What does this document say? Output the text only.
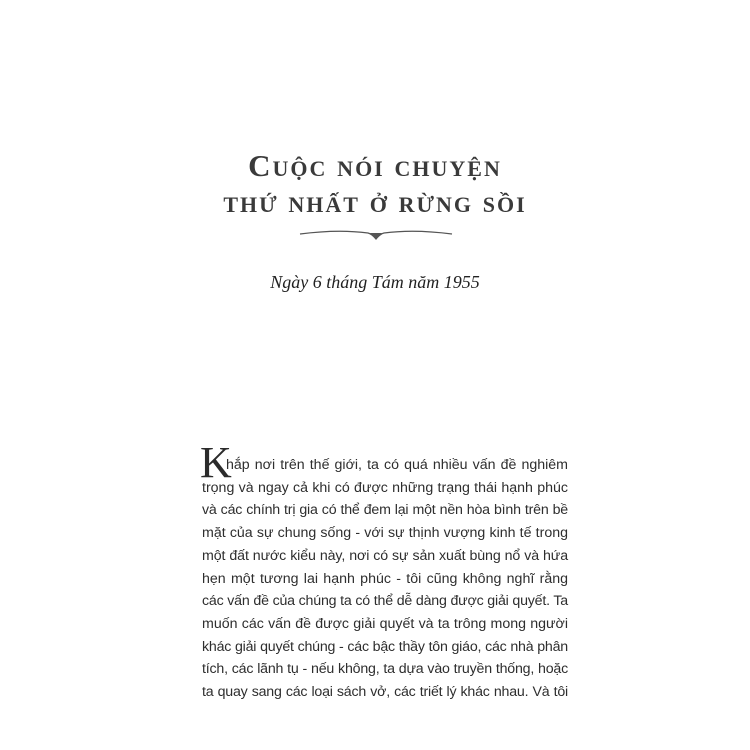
Cuộc nói chuyện
thứ nhất ở rừng sồi
Ngày 6 tháng Tám năm 1955
K
hắp nơi trên thế giới, ta có quá nhiều vấn đề nghiêm
trọng và ngay cả khi có được những trạng thái hạnh phúc
và các chính trị gia có thể đem lại một nền hòa bình trên bề
mặt của sự chung sống - với sự thịnh vượng kinh tế trong
một đất nước kiểu này, nơi có sự sản xuất bùng nổ và hứa
hẹn một tương lai hạnh phúc - tôi cũng không nghĩ rằng
các vấn đề của chúng ta có thể dễ dàng được giải quyết. Ta
muốn các vấn đề được giải quyết và ta trông mong người
khác giải quyết chúng - các bậc thầy tôn giáo, các nhà phân
tích, các lãnh tụ - nếu không, ta dựa vào truyền thống, hoặc
ta quay sang các loại sách vở, các triết lý khác nhau. Và tôi
